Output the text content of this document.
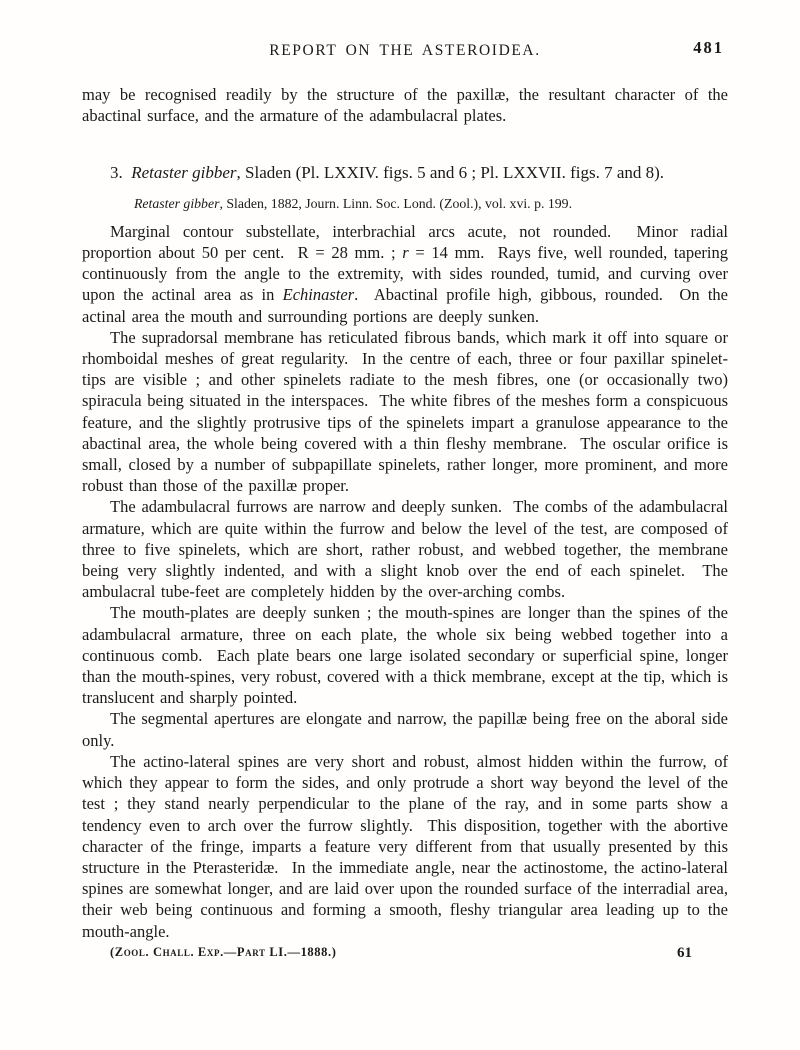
REPORT ON THE ASTEROIDEA.	481

may be recognised readily by the structure of the paxillæ, the resultant character of the abactinal surface, and the armature of the adambulacral plates.

3.  Retaster gibber, Sladen (Pl. LXXIV. figs. 5 and 6 ; Pl. LXXVII. figs. 7 and 8).

Retaster gibber, Sladen, 1882, Journ. Linn. Soc. Lond. (Zool.), vol. xvi. p. 199.

Marginal contour substellate, interbrachial arcs acute, not rounded.  Minor radial proportion about 50 per cent.  R = 28 mm. ; r = 14 mm.  Rays five, well rounded, tapering continuously from the angle to the extremity, with sides rounded, tumid, and curving over upon the actinal area as in Echinaster.  Abactinal profile high, gibbous, rounded.  On the actinal area the mouth and surrounding portions are deeply sunken.

The supradorsal membrane has reticulated fibrous bands, which mark it off into square or rhomboidal meshes of great regularity.  In the centre of each, three or four paxillar spinelet-tips are visible ; and other spinelets radiate to the mesh fibres, one (or occasionally two) spiracula being situated in the interspaces.  The white fibres of the meshes form a conspicuous feature, and the slightly protrusive tips of the spinelets impart a granulose appearance to the abactinal area, the whole being covered with a thin fleshy membrane.  The oscular orifice is small, closed by a number of subpapillate spinelets, rather longer, more prominent, and more robust than those of the paxillæ proper.

The adambulacral furrows are narrow and deeply sunken.  The combs of the adambulacral armature, which are quite within the furrow and below the level of the test, are composed of three to five spinelets, which are short, rather robust, and webbed together, the membrane being very slightly indented, and with a slight knob over the end of each spinelet.  The ambulacral tube-feet are completely hidden by the over-arching combs.

The mouth-plates are deeply sunken ; the mouth-spines are longer than the spines of the adambulacral armature, three on each plate, the whole six being webbed together into a continuous comb.  Each plate bears one large isolated secondary or superficial spine, longer than the mouth-spines, very robust, covered with a thick membrane, except at the tip, which is translucent and sharply pointed.

The segmental apertures are elongate and narrow, the papillæ being free on the aboral side only.

The actino-lateral spines are very short and robust, almost hidden within the furrow, of which they appear to form the sides, and only protrude a short way beyond the level of the test ; they stand nearly perpendicular to the plane of the ray, and in some parts show a tendency even to arch over the furrow slightly.  This disposition, together with the abortive character of the fringe, imparts a feature very different from that usually presented by this structure in the Pterasteridæ.  In the immediate angle, near the actinostome, the actino-lateral spines are somewhat longer, and are laid over upon the rounded surface of the interradial area, their web being continuous and forming a smooth, fleshy triangular area leading up to the mouth-angle.

(Zool. Chall. Exp.—Part LI.—1888.)	61
